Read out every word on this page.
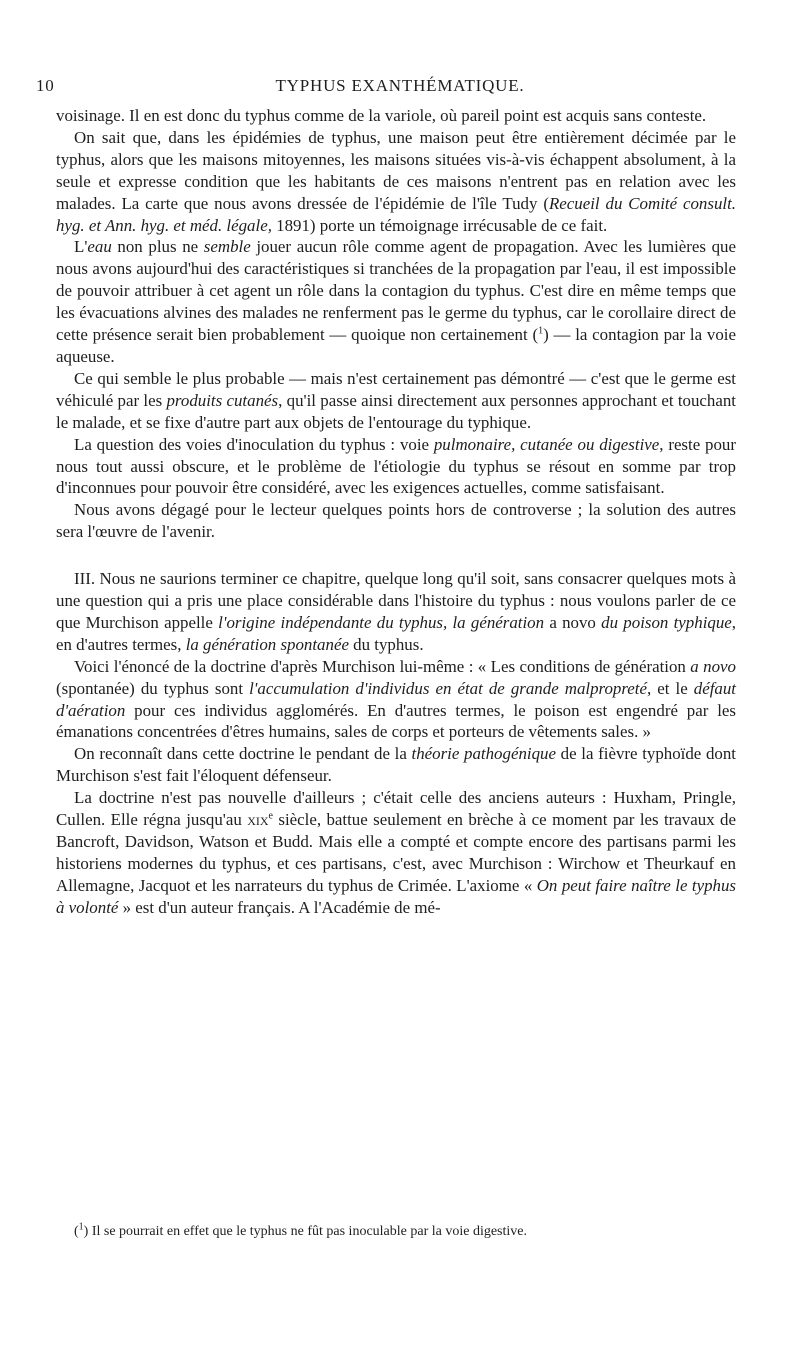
10	TYPHUS EXANTHÉMATIQUE.

voisinage. Il en est donc du typhus comme de la variole, où pareil point est acquis sans conteste.

On sait que, dans les épidémies de typhus, une maison peut être entièrement décimée par le typhus, alors que les maisons mitoyennes, les maisons situées vis-à-vis échappent absolument, à la seule et expresse condition que les habitants de ces maisons n'entrent pas en relation avec les malades. La carte que nous avons dressée de l'épidémie de l'île Tudy (Recueil du Comité consult. hyg. et Ann. hyg. et méd. légale, 1891) porte un témoignage irrécusable de ce fait.

L'eau non plus ne semble jouer aucun rôle comme agent de propagation. Avec les lumières que nous avons aujourd'hui des caractéristiques si tranchées de la propagation par l'eau, il est impossible de pouvoir attribuer à cet agent un rôle dans la contagion du typhus. C'est dire en même temps que les évacuations alvines des malades ne renferment pas le germe du typhus, car le corollaire direct de cette présence serait bien probablement — quoique non certainement ($^1$) — la contagion par la voie aqueuse.

Ce qui semble le plus probable — mais n'est certainement pas démontré — c'est que le germe est véhiculé par les produits cutanés, qu'il passe ainsi directement aux personnes approchant et touchant le malade, et se fixe d'autre part aux objets de l'entourage du typhique.

La question des voies d'inoculation du typhus : voie pulmonaire, cutanée ou digestive, reste pour nous tout aussi obscure, et le problème de l'étiologie du typhus se résout en somme par trop d'inconnues pour pouvoir être considéré, avec les exigences actuelles, comme satisfaisant.

Nous avons dégagé pour le lecteur quelques points hors de controverse ; la solution des autres sera l'œuvre de l'avenir.

III. Nous ne saurions terminer ce chapitre, quelque long qu'il soit, sans consacrer quelques mots à une question qui a pris une place considérable dans l'histoire du typhus : nous voulons parler de ce que Murchison appelle l'origine indépendante du typhus, la génération a novo du poison typhique, en d'autres termes, la génération spontanée du typhus.

Voici l'énoncé de la doctrine d'après Murchison lui-même : « Les conditions de génération a novo (spontanée) du typhus sont l'accumulation d'individus en état de grande malpropreté, et le défaut d'aération pour ces individus agglomérés. En d'autres termes, le poison est engendré par les émanations concentrées d'êtres humains, sales de corps et porteurs de vêtements sales. »

On reconnaît dans cette doctrine le pendant de la théorie pathogénique de la fièvre typhoïde dont Murchison s'est fait l'éloquent défenseur.

La doctrine n'est pas nouvelle d'ailleurs ; c'était celle des anciens auteurs : Huxham, Pringle, Cullen. Elle régna jusqu'au xix$^e$ siècle, battue seulement en brèche à ce moment par les travaux de Bancroft, Davidson, Watson et Budd. Mais elle a compté et compte encore des partisans parmi les historiens modernes du typhus, et ces partisans, c'est, avec Murchison : Wirchow et Theurkauf en Allemagne, Jacquot et les narrateurs du typhus de Crimée. L'axiome « On peut faire naître le typhus à volonté » est d'un auteur français. A l'Académie de mé-

($^1$) Il se pourrait en effet que le typhus ne fût pas inoculable par la voie digestive.
